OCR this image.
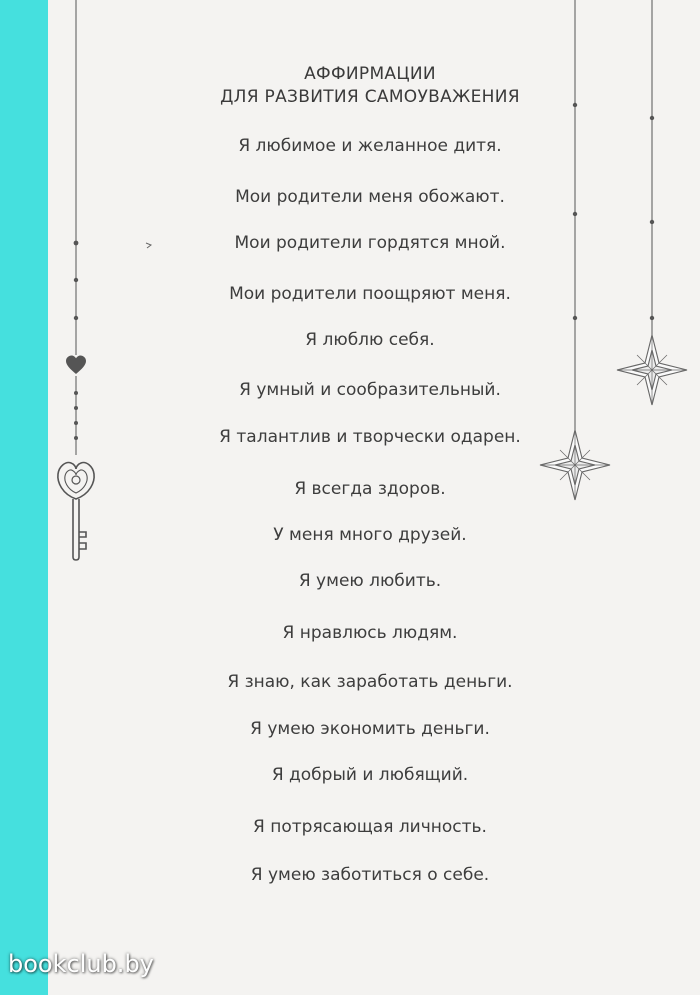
АФФИРМАЦИИ
ДЛЯ РАЗВИТИЯ САМОУВАЖЕНИЯ
Я любимое и желанное дитя.
Мои родители меня обожают.
Мои родители гордятся мной.
Мои родители поощряют меня.
Я люблю себя.
Я умный и сообразительный.
Я талантлив и творчески одарен.
Я всегда здоров.
У меня много друзей.
Я умею любить.
Я нравлюсь людям.
Я знаю, как заработать деньги.
Я умею экономить деньги.
Я добрый и любящий.
Я потрясающая личность.
Я умею заботиться о себе.
bookclub.by
